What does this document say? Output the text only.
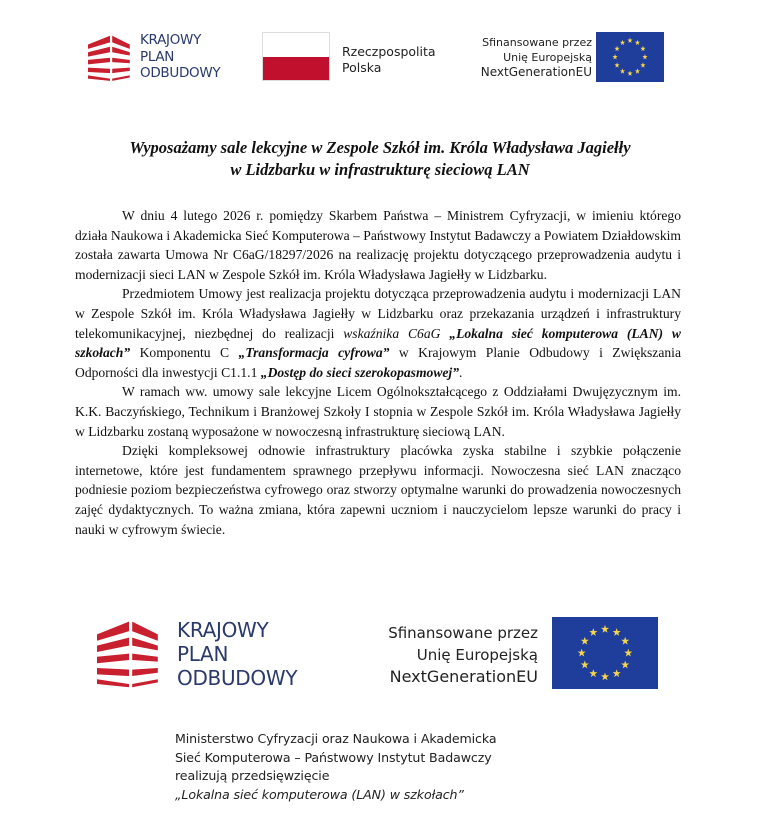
KRAJOWY
PLAN
ODBUDOWY
Rzeczpospolita
Polska
Sfinansowane przez
Unię Europejską
NextGenerationEU
Wyposażamy sale lekcyjne w Zespole Szkół im. Króla Władysława Jagiełły
w Lidzbarku w infrastrukturę sieciową LAN

W dniu 4 lutego 2026 r. pomiędzy Skarbem Państwa – Ministrem Cyfryzacji, w imieniu którego działa Naukowa i Akademicka Sieć Komputerowa – Państwowy Instytut Badawczy a Powiatem Działdowskim została zawarta Umowa Nr C6aG/18297/2026 na realizację projektu dotyczącego przeprowadzenia audytu i modernizacji sieci LAN w Zespole Szkół im. Króla Władysława Jagiełły w Lidzbarku.

Przedmiotem Umowy jest realizacja projektu dotycząca przeprowadzenia audytu i modernizacji LAN w Zespole Szkół im. Króla Władysława Jagiełły w Lidzbarku oraz przekazania urządzeń i infrastruktury telekomunikacyjnej, niezbędnej do realizacji wskaźnika C6aG „Lokalna sieć komputerowa (LAN) w szkołach” Komponentu C „Transformacja cyfrowa” w Krajowym Planie Odbudowy i Zwiększania Odporności dla inwestycji C1.1.1 „Dostęp do sieci szerokopasmowej”.

W ramach ww. umowy sale lekcyjne Licem Ogólnokształcącego z Oddziałami Dwujęzycznym im. K.K. Baczyńskiego, Technikum i Branżowej Szkoły I stopnia w Zespole Szkół im. Króla Władysława Jagiełły w Lidzbarku zostaną wyposażone w nowoczesną infrastrukturę sieciową LAN.

Dzięki kompleksowej odnowie infrastruktury placówka zyska stabilne i szybkie połączenie internetowe, które jest fundamentem sprawnego przepływu informacji. Nowoczesna sieć LAN znacząco podniesie poziom bezpieczeństwa cyfrowego oraz stworzy optymalne warunki do prowadzenia nowoczesnych zajęć dydaktycznych. To ważna zmiana, która zapewni uczniom i nauczycielom lepsze warunki do pracy i nauki w cyfrowym świecie.

KRAJOWY
PLAN
ODBUDOWY
Sfinansowane przez
Unię Europejską
NextGenerationEU
Ministerstwo Cyfryzacji oraz Naukowa i Akademicka
Sieć Komputerowa – Państwowy Instytut Badawczy
realizują przedsięwzięcie
„Lokalna sieć komputerowa (LAN) w szkołach”
